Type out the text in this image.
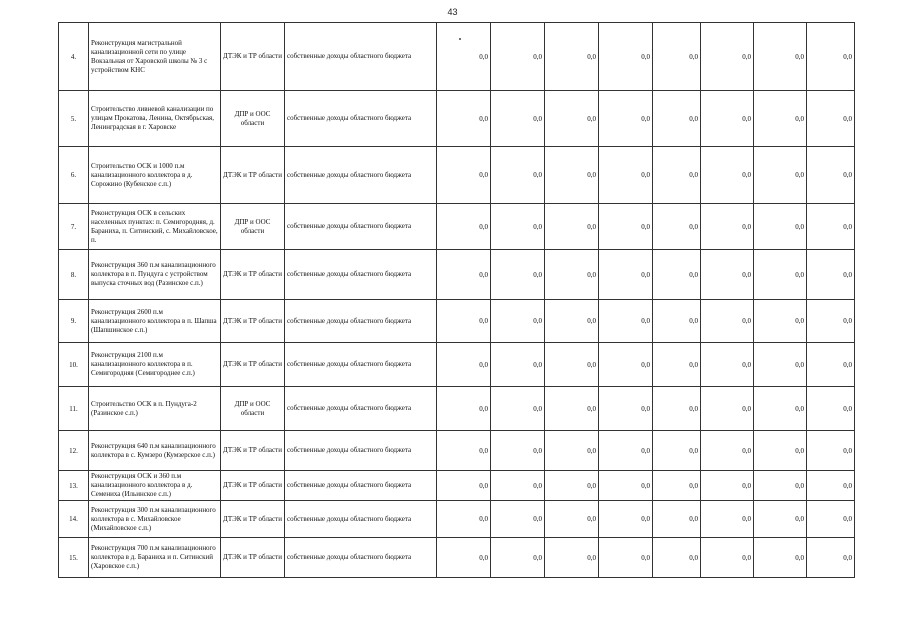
43
4.	Реконструкция магистральной канализационной сети по улице Вокзальная от Харовской школы № 3 с устройством КНС	ДТЭК и ТР области	собственные доходы областного бюджета	0,0	0,0	0,0	0,0	0,0	0,0	0,0	0,0
5.	Строительство ливневой канализации по улицам Прокатова, Ленина, Октябрьская, Ленинградская в г. Харовске	ДПР и ООС области	собственные доходы областного бюджета	0,0	0,0	0,0	0,0	0,0	0,0	0,0	0,0
6.	Строительство ОСК и 1000 п.м канализационного коллектора в д. Сорожино (Кубенское с.п.)	ДТЭК и ТР области	собственные доходы областного бюджета	0,0	0,0	0,0	0,0	0,0	0,0	0,0	0,0
7.	Реконструкция ОСК в сельских населенных пунктах: п. Семигородняя, д. Бараниха, п. Ситинский, с. Михайловское, п.	ДПР и ООС области	собственные доходы областного бюджета	0,0	0,0	0,0	0,0	0,0	0,0	0,0	0,0
8.	Реконструкция 360 п.м канализационного коллектора в п. Пундуга с устройством выпуска сточных вод (Разинское с.п.)	ДТЭК и ТР области	собственные доходы областного бюджета	0,0	0,0	0,0	0,0	0,0	0,0	0,0	0,0
9.	Реконструкция 2600 п.м канализационного коллектора в п. Шапша (Шапшинское с.п.)	ДТЭК и ТР области	собственные доходы областного бюджета	0,0	0,0	0,0	0,0	0,0	0,0	0,0	0,0
10.	Реконструкция 2100 п.м канализационного коллектора в п. Семигородняя (Семигороднее с.п.)	ДТЭК и ТР области	собственные доходы областного бюджета	0,0	0,0	0,0	0,0	0,0	0,0	0,0	0,0
11.	Строительство ОСК в п. Пундуга-2 (Разинское с.п.)	ДПР и ООС области	собственные доходы областного бюджета	0,0	0,0	0,0	0,0	0,0	0,0	0,0	0,0
12.	Реконструкция 640 п.м канализационного коллектора в с. Кумзеро (Кумзерское с.п.)	ДТЭК и ТР области	собственные доходы областного бюджета	0,0	0,0	0,0	0,0	0,0	0,0	0,0	0,0
13.	Реконструкция ОСК и 360 п.м канализационного коллектора в д. Семениха (Ильинское с.п.)	ДТЭК и ТР области	собственные доходы областного бюджета	0,0	0,0	0,0	0,0	0,0	0,0	0,0	0,0
14.	Реконструкция 300 п.м канализационного коллектора в с. Михайловское (Михайловское с.п.)	ДТЭК и ТР области	собственные доходы областного бюджета	0,0	0,0	0,0	0,0	0,0	0,0	0,0	0,0
15.	Реконструкция 700 п.м канализационного коллектора в д. Бараниха и п. Ситинский (Харовское с.п.)	ДТЭК и ТР области	собственные доходы областного бюджета	0,0	0,0	0,0	0,0	0,0	0,0	0,0	0,0
